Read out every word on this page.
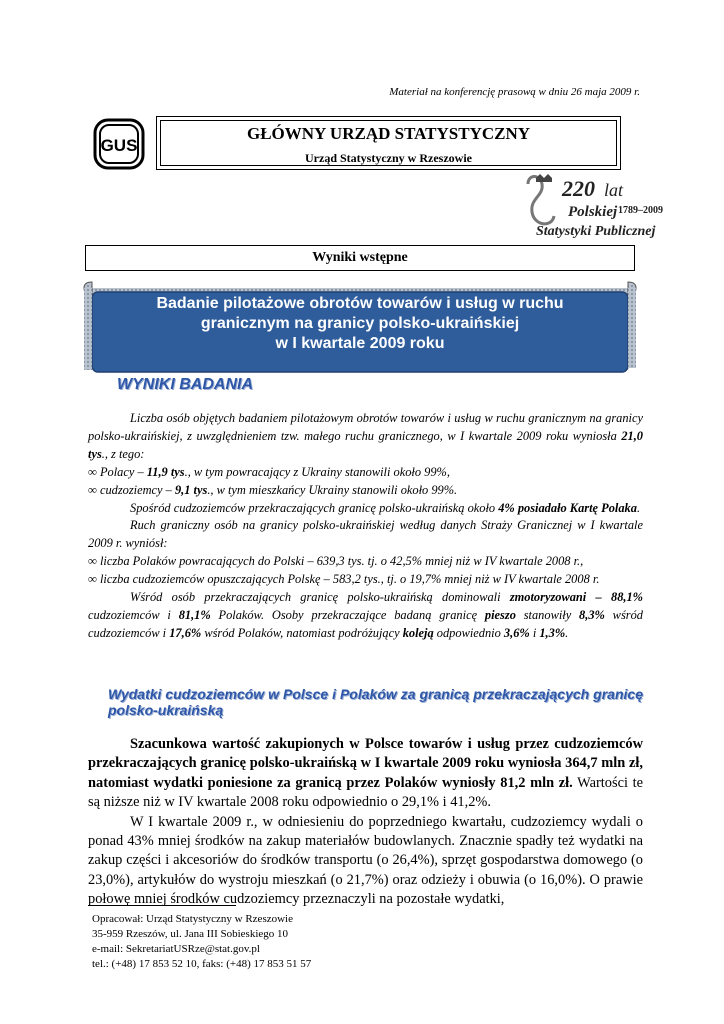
Materiał na konferencję prasową w dniu 26 maja 2009 r.
GUS
GŁÓWNY URZĄD STATYSTYCZNY
Urząd Statystyczny w Rzeszowie
220 lat
Polskiej 1789–2009
Statystyki Publicznej
Wyniki wstępne
Badanie pilotażowe obrotów towarów i usług w ruchu
granicznym na granicy polsko-ukraińskiej
w I kwartale 2009 roku
WYNIKI BADANIA

Liczba osób objętych badaniem pilotażowym obrotów towarów i usług w ruchu granicznym na granicy polsko-ukraińskiej, z uwzględnieniem tzw. małego ruchu granicznego, w I kwartale 2009 roku wyniosła 21,0 tys., z tego:

∞ Polacy – 11,9 tys., w tym powracający z Ukrainy stanowili około 99%,

∞ cudzoziemcy – 9,1 tys., w tym mieszkańcy Ukrainy stanowili około 99%.

Spośród cudzoziemców przekraczających granicę polsko-ukraińską około 4% posiadało Kartę Polaka.

Ruch graniczny osób na granicy polsko-ukraińskiej według danych Straży Granicznej w I kwartale 2009 r. wyniósł:

∞ liczba Polaków powracających do Polski – 639,3 tys. tj. o 42,5% mniej niż w IV kwartale 2008 r.,

∞ liczba cudzoziemców opuszczających Polskę – 583,2 tys., tj. o 19,7% mniej niż w IV kwartale 2008 r.

Wśród osób przekraczających granicę polsko-ukraińską dominowali zmotoryzowani – 88,1% cudzoziemców i 81,1% Polaków. Osoby przekraczające badaną granicę pieszo stanowiły 8,3% wśród cudzoziemców i 17,6% wśród Polaków, natomiast podróżujący koleją odpowiednio 3,6% i 1,3%.

Wydatki cudzoziemców w Polsce i Polaków za granicą przekraczających granicę polsko-ukraińską

Szacunkowa wartość zakupionych w Polsce towarów i usług przez cudzoziemców przekraczających granicę polsko-ukraińską w I kwartale 2009 roku wyniosła 364,7 mln zł, natomiast wydatki poniesione za granicą przez Polaków wyniosły 81,2 mln zł. Wartości te są niższe niż w IV kwartale 2008 roku odpowiednio o 29,1% i 41,2%.

W I kwartale 2009 r., w odniesieniu do poprzedniego kwartału, cudzoziemcy wydali o ponad 43% mniej środków na zakup materiałów budowlanych. Znacznie spadły też wydatki na zakup części i akcesoriów do środków transportu (o 26,4%), sprzęt gospodarstwa domowego (o 23,0%), artykułów do wystroju mieszkań (o 21,7%) oraz odzieży i obuwia (o 16,0%). O prawie połowę mniej środków cudzoziemcy przeznaczyli na pozostałe wydatki,

Opracował: Urząd Statystyczny w Rzeszowie
35-959 Rzeszów, ul. Jana III Sobieskiego 10
e-mail: SekretariatUSRze@stat.gov.pl
tel.: (+48) 17 853 52 10, faks: (+48) 17 853 51 57
